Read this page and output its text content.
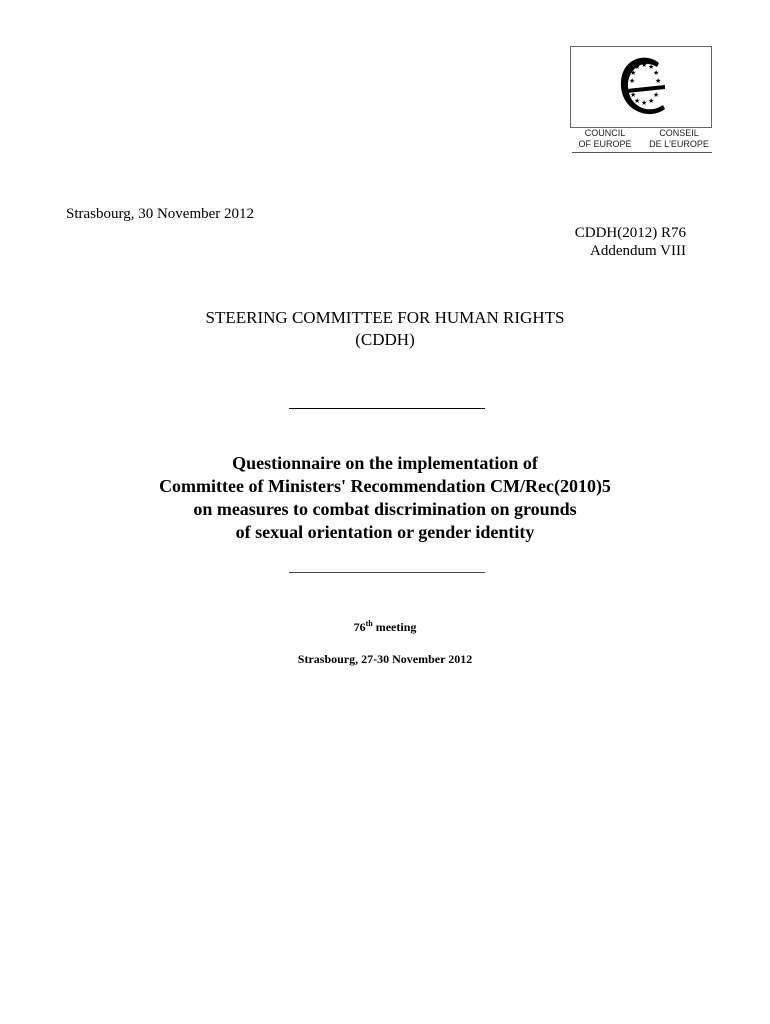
★ ★
★
★
★
★
★
★
★
★
★
★
COUNCIL
OF EUROPE
CONSEIL
DE L'EUROPE
Strasbourg, 30 November 2012
CDDH(2012) R76
Addendum VIII
STEERING COMMITTEE FOR HUMAN RIGHTS
(CDDH)
Questionnaire on the implementation of
Committee of Ministers' Recommendation CM/Rec(2010)5
on measures to combat discrimination on grounds
of sexual orientation or gender identity
76th meeting
Strasbourg, 27-30 November 2012
